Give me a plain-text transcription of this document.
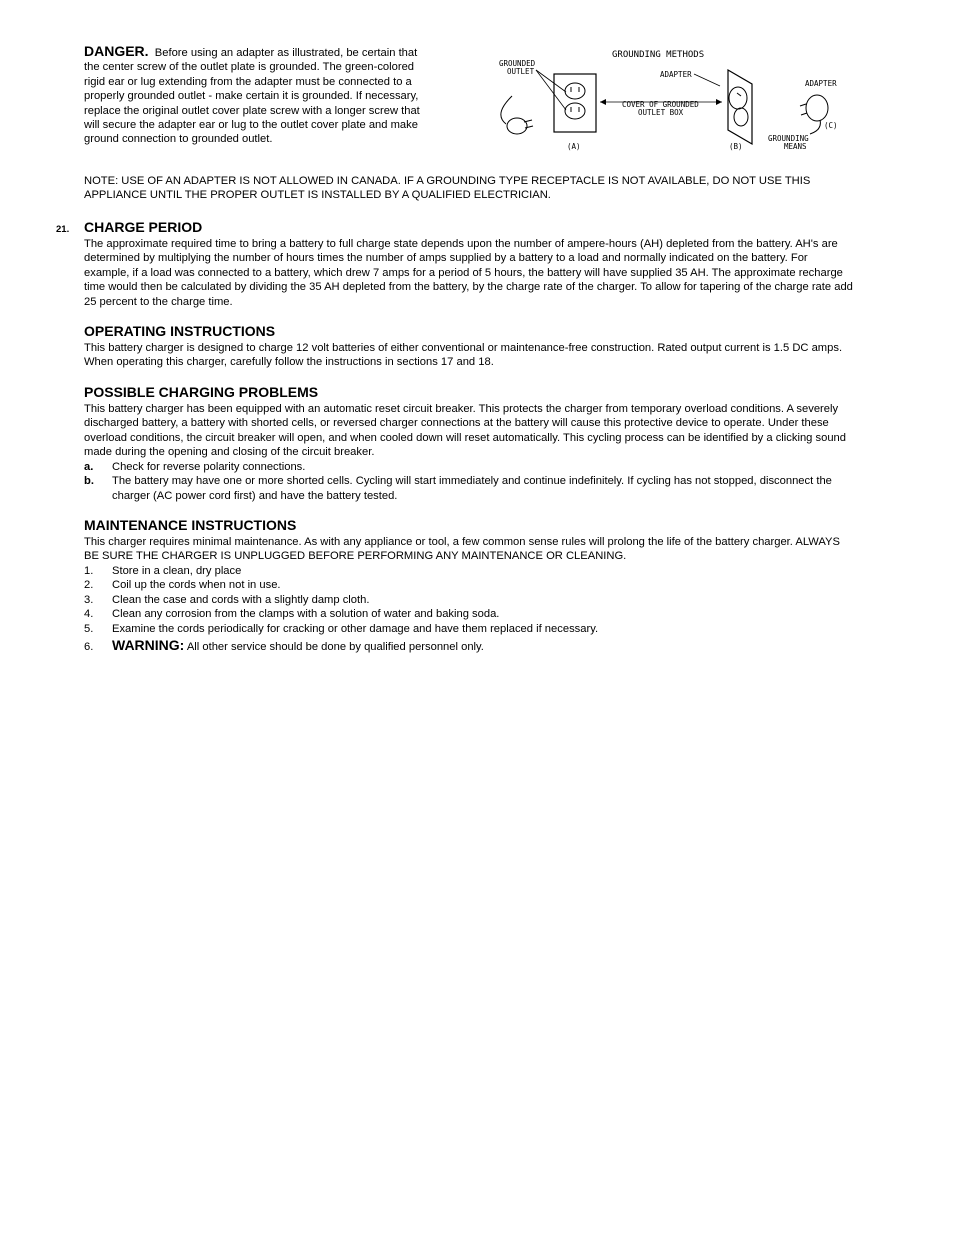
DANGER. Before using an adapter as illustrated, be certain that the center screw of the outlet plate is grounded. The green-colored rigid ear or lug extending from the adapter must be connected to a properly grounded outlet - make certain it is grounded. If necessary, replace the original outlet cover plate screw with a longer screw that will secure the adapter ear or lug to the outlet cover plate and make ground connection to grounded outlet.

GROUNDING METHODS
GROUNDED
OUTLET
(A)
COVER OF GROUNDED
OUTLET BOX
ADAPTER
(B)
ADAPTER
(C)
GROUNDING
MEANS

NOTE: USE OF AN ADAPTER IS NOT ALLOWED IN CANADA. IF A GROUNDING TYPE RECEPTACLE IS NOT AVAILABLE, DO NOT USE THIS APPLIANCE UNTIL THE PROPER OUTLET IS INSTALLED BY A QUALIFIED ELECTRICIAN.

21. CHARGE PERIOD

The approximate required time to bring a battery to full charge state depends upon the number of ampere-hours (AH) depleted from the battery. AH's are determined by multiplying the number of hours times the number of amps supplied by a battery to a load and normally indicated on the battery. For example, if a load was connected to a battery, which drew 7 amps for a period of 5 hours, the battery will have supplied 35 AH. The approximate recharge time would then be calculated by dividing the 35 AH depleted from the battery, by the charge rate of the charger. To allow for tapering of the charge rate add 25 percent to the charge time.

OPERATING INSTRUCTIONS

This battery charger is designed to charge 12 volt batteries of either conventional or maintenance-free construction. Rated output current is 1.5 DC amps. When operating this charger, carefully follow the instructions in sections 17 and 18.

POSSIBLE CHARGING PROBLEMS

This battery charger has been equipped with an automatic reset circuit breaker. This protects the charger from temporary overload conditions. A severely discharged battery, a battery with shorted cells, or reversed charger connections at the battery will cause this protective device to operate. Under these overload conditions, the circuit breaker will open, and when cooled down will reset automatically. This cycling process can be identified by a clicking sound made during the opening and closing of the circuit breaker.

a. Check for reverse polarity connections.
b. The battery may have one or more shorted cells. Cycling will start immediately and continue indefinitely. If cycling has not stopped, disconnect the charger (AC power cord first) and have the battery tested.
MAINTENANCE INSTRUCTIONS

This charger requires minimal maintenance. As with any appliance or tool, a few common sense rules will prolong the life of the battery charger. ALWAYS BE SURE THE CHARGER IS UNPLUGGED BEFORE PERFORMING ANY MAINTENANCE OR CLEANING.

1. Store in a clean, dry place
2. Coil up the cords when not in use.
3. Clean the case and cords with a slightly damp cloth.
4. Clean any corrosion from the clamps with a solution of water and baking soda.
5. Examine the cords periodically for cracking or other damage and have them replaced if necessary.
6. WARNING: All other service should be done by qualified personnel only.
